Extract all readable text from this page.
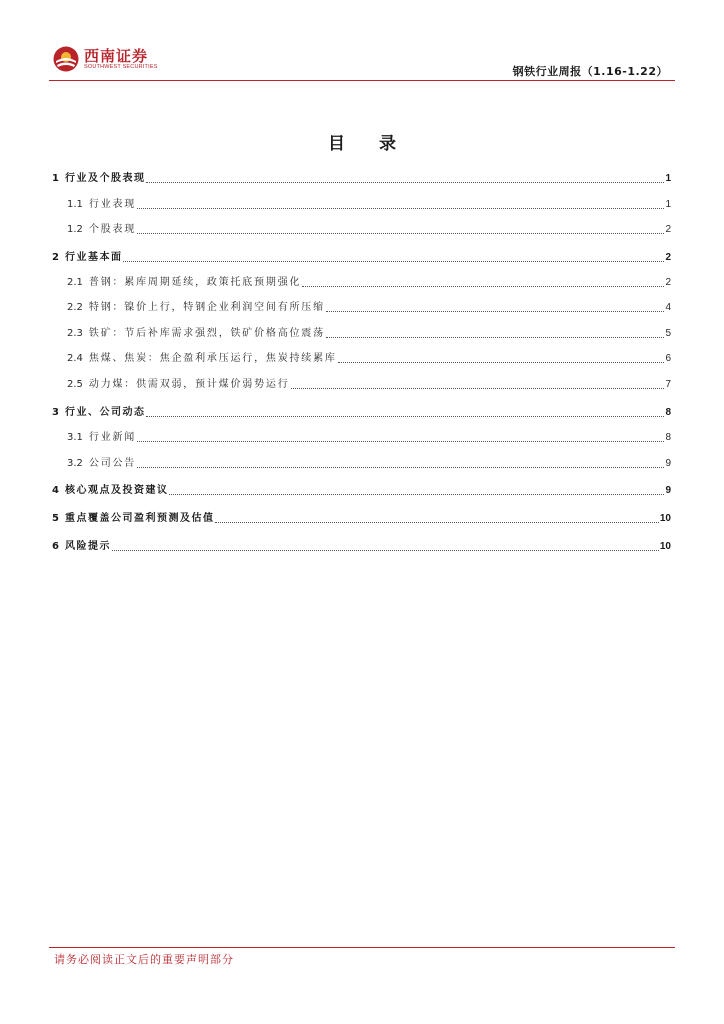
西南证券
SOUTHWEST SECURITIES	钢铁行业周报（1.16-1.22）
目 录
1 行业及个股表现	1
1.1 行业表现	1
1.2 个股表现	2
2 行业基本面	2
2.1 普钢：累库周期延续，政策托底预期强化	2
2.2 特钢：镍价上行，特钢企业利润空间有所压缩	4
2.3 铁矿：节后补库需求强烈，铁矿价格高位震荡	5
2.4 焦煤、焦炭：焦企盈利承压运行，焦炭持续累库	6
2.5 动力煤：供需双弱，预计煤价弱势运行	7
3 行业、公司动态	8
3.1 行业新闻	8
3.2 公司公告	9
4 核心观点及投资建议	9
5 重点覆盖公司盈利预测及估值	10
6 风险提示	10
请务必阅读正文后的重要声明部分
